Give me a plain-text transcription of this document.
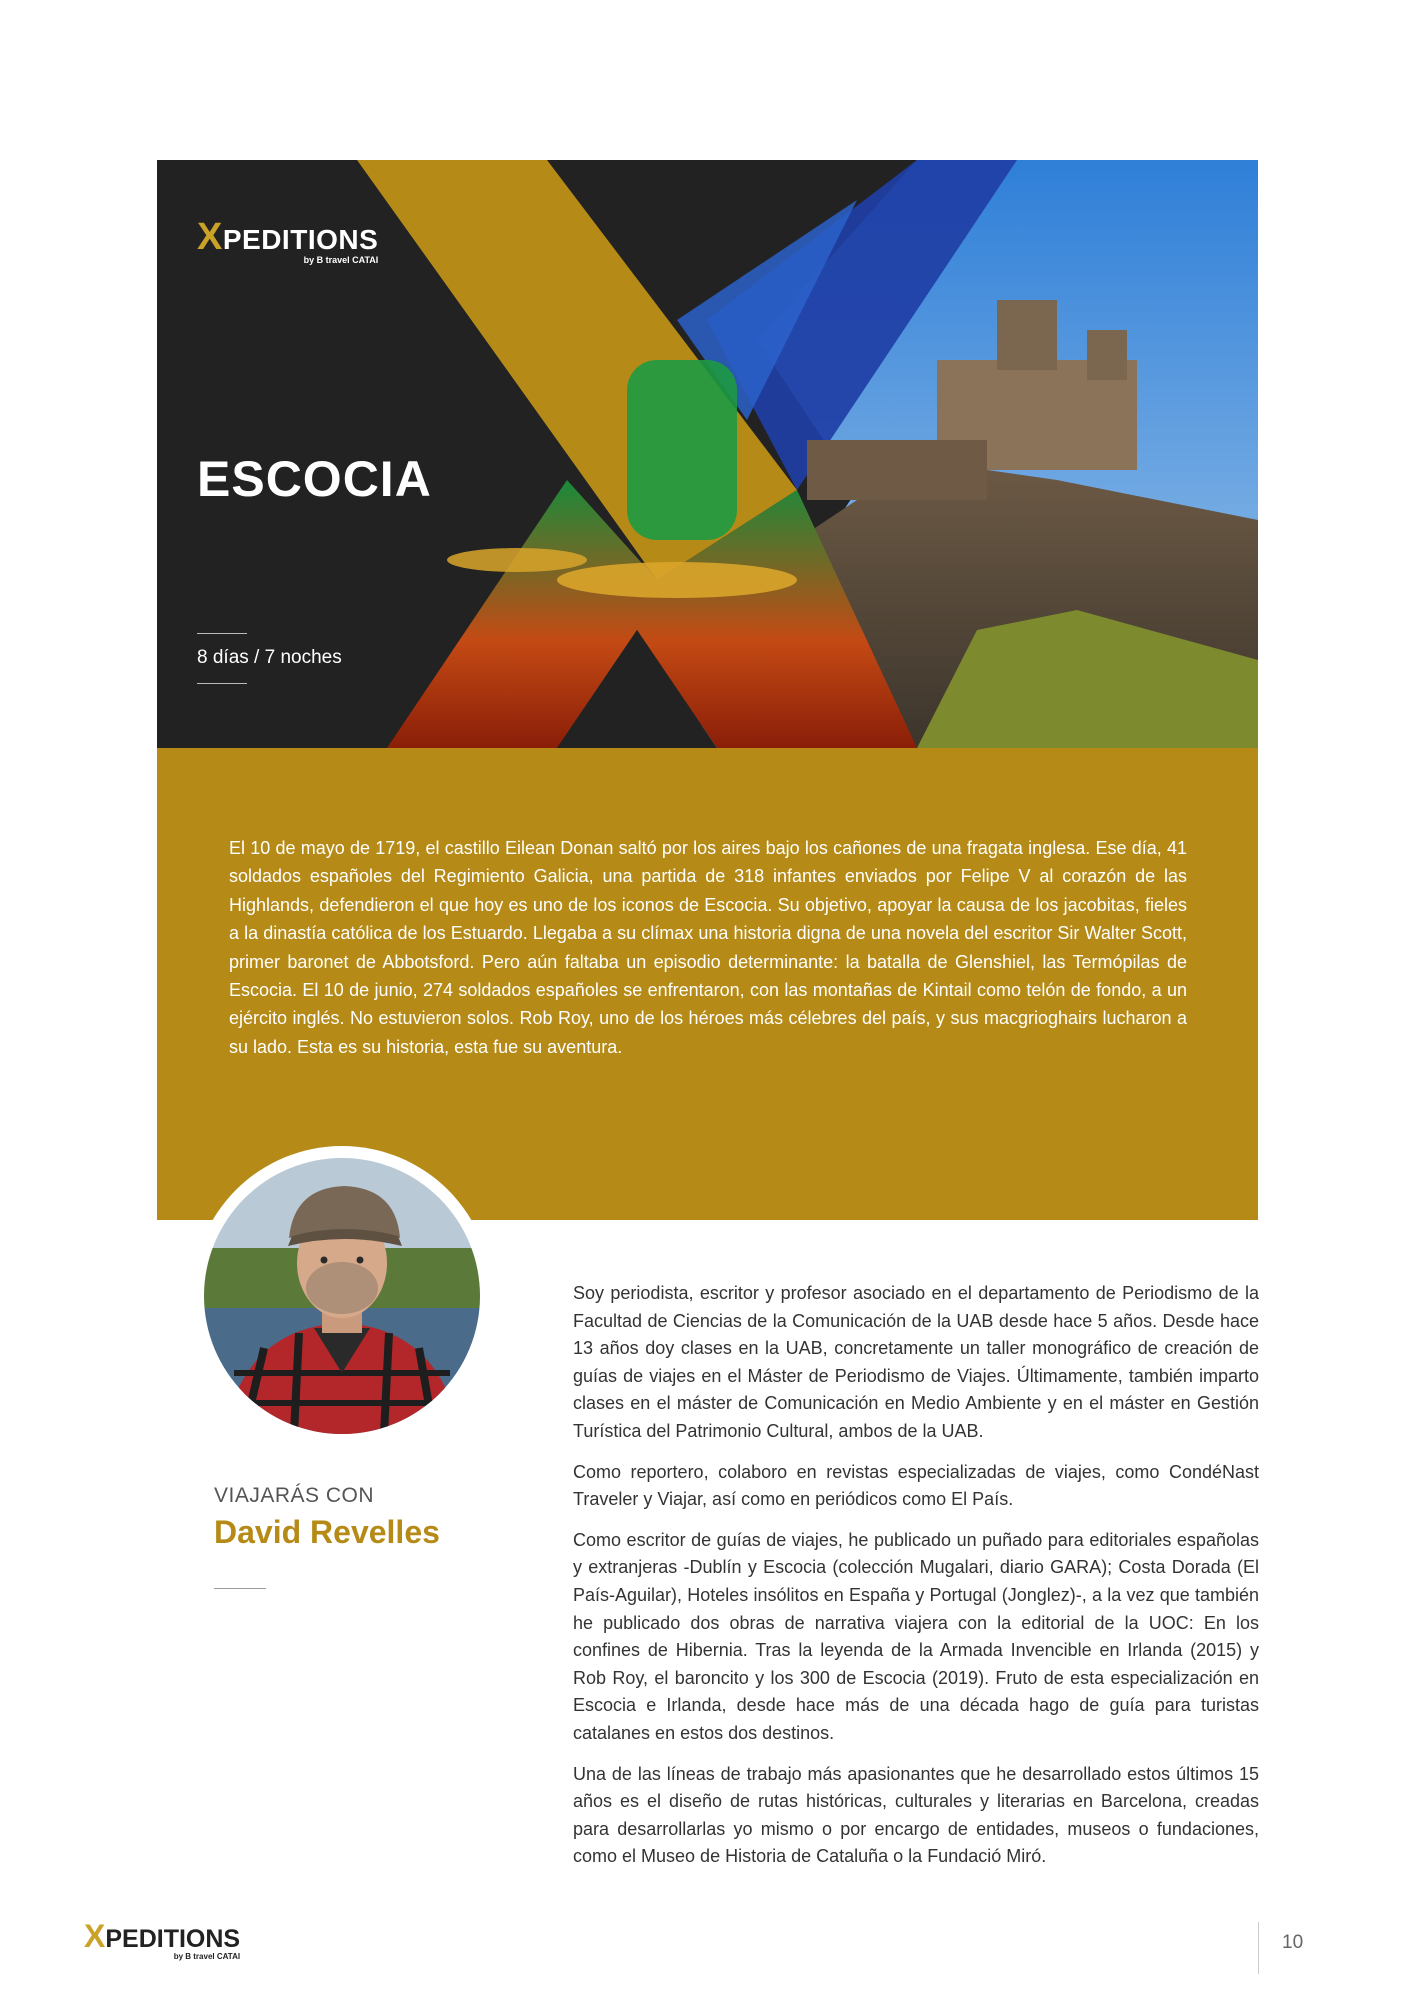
XPEDITIONS
by B travel CATAI
ESCOCIA
8 días / 7 noches
El 10 de mayo de 1719, el castillo Eilean Donan saltó por los aires bajo los cañones de una fragata inglesa. Ese día, 41 soldados españoles del Regimiento Galicia, una partida de 318 infantes enviados por Felipe V al corazón de las Highlands, defendieron el que hoy es uno de los iconos de Escocia. Su objetivo, apoyar la causa de los jacobitas, fieles a la dinastía católica de los Estuardo. Llegaba a su clímax una historia digna de una novela del escritor Sir Walter Scott, primer baronet de Abbotsford. Pero aún faltaba un episodio determinante: la batalla de Glenshiel, las Termópilas de Escocia. El 10 de junio, 274 soldados españoles se enfrentaron, con las montañas de Kintail como telón de fondo, a un ejército inglés. No estuvieron solos. Rob Roy, uno de los héroes más célebres del país, y sus macgrioghairs lucharon a su lado. Esta es su historia, esta fue su aventura.
VIAJARÁS CON
David Revelles

Soy periodista, escritor y profesor asociado en el departamento de Periodismo de la Facultad de Ciencias de la Comunicación de la UAB desde hace 5 años. Desde hace 13 años doy clases en la UAB, concretamente un taller monográfico de creación de guías de viajes en el Máster de Periodismo de Viajes. Últimamente, también imparto clases en el máster de Comunicación en Medio Ambiente y en el máster en Gestión Turística del Patrimonio Cultural, ambos de la UAB.

Como reportero, colaboro en revistas especializadas de viajes, como CondéNast Traveler y Viajar, así como en periódicos como El País.

Como escritor de guías de viajes, he publicado un puñado para editoriales españolas y extranjeras -Dublín y Escocia (colección Mugalari, diario GARA); Costa Dorada (El País-Aguilar), Hoteles insólitos en España y Portugal (Jonglez)-, a la vez que también he publicado dos obras de narrativa viajera con la editorial de la UOC: En los confines de Hibernia. Tras la leyenda de la Armada Invencible en Irlanda (2015) y Rob Roy, el baroncito y los 300 de Escocia (2019). Fruto de esta especialización en Escocia e Irlanda, desde hace más de una década hago de guía para turistas catalanes en estos dos destinos.

Una de las líneas de trabajo más apasionantes que he desarrollado estos últimos 15 años es el diseño de rutas históricas, culturales y literarias en Barcelona, creadas para desarrollarlas yo mismo o por encargo de entidades, museos o fundaciones, como el Museo de Historia de Cataluña o la Fundació Miró.

XPEDITIONS
by B travel CATAI
10
